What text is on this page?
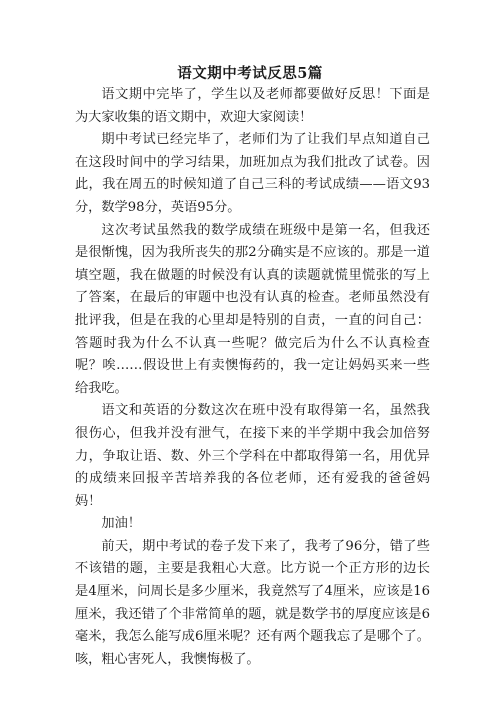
语文期中考试反思5篇

语文期中完毕了，学生以及老师都要做好反思！下面是为大家收集的语文期中，欢迎大家阅读！

期中考试已经完毕了，老师们为了让我们早点知道自己在这段时间中的学习结果，加班加点为我们批改了试卷。因此，我在周五的时候知道了自己三科的考试成绩——语文93分，数学98分，英语95分。

这次考试虽然我的数学成绩在班级中是第一名，但我还是很惭愧，因为我所丧失的那2分确实是不应该的。那是一道填空题，我在做题的时候没有认真的读题就慌里慌张的写上了答案，在最后的审题中也没有认真的检查。老师虽然没有批评我，但是在我的心里却是特别的自责，一直的问自己：答题时我为什么不认真一些呢？做完后为什么不认真检查呢？唉……假设世上有卖懊悔药的，我一定让妈妈买来一些给我吃。

语文和英语的分数这次在班中没有取得第一名，虽然我很伤心，但我并没有泄气，在接下来的半学期中我会加倍努力，争取让语、数、外三个学科在中都取得第一名，用优异的成绩来回报辛苦培养我的各位老师，还有爱我的爸爸妈妈！

加油！

前天，期中考试的卷子发下来了，我考了96分，错了些不该错的题，主要是我粗心大意。比方说一个正方形的边长是4厘米，问周长是多少厘米，我竟然写了4厘米，应该是16厘米，我还错了个非常简单的题，就是数学书的厚度应该是6毫米，我怎么能写成6厘米呢？还有两个题我忘了是哪个了。咳，粗心害死人，我懊悔极了。
